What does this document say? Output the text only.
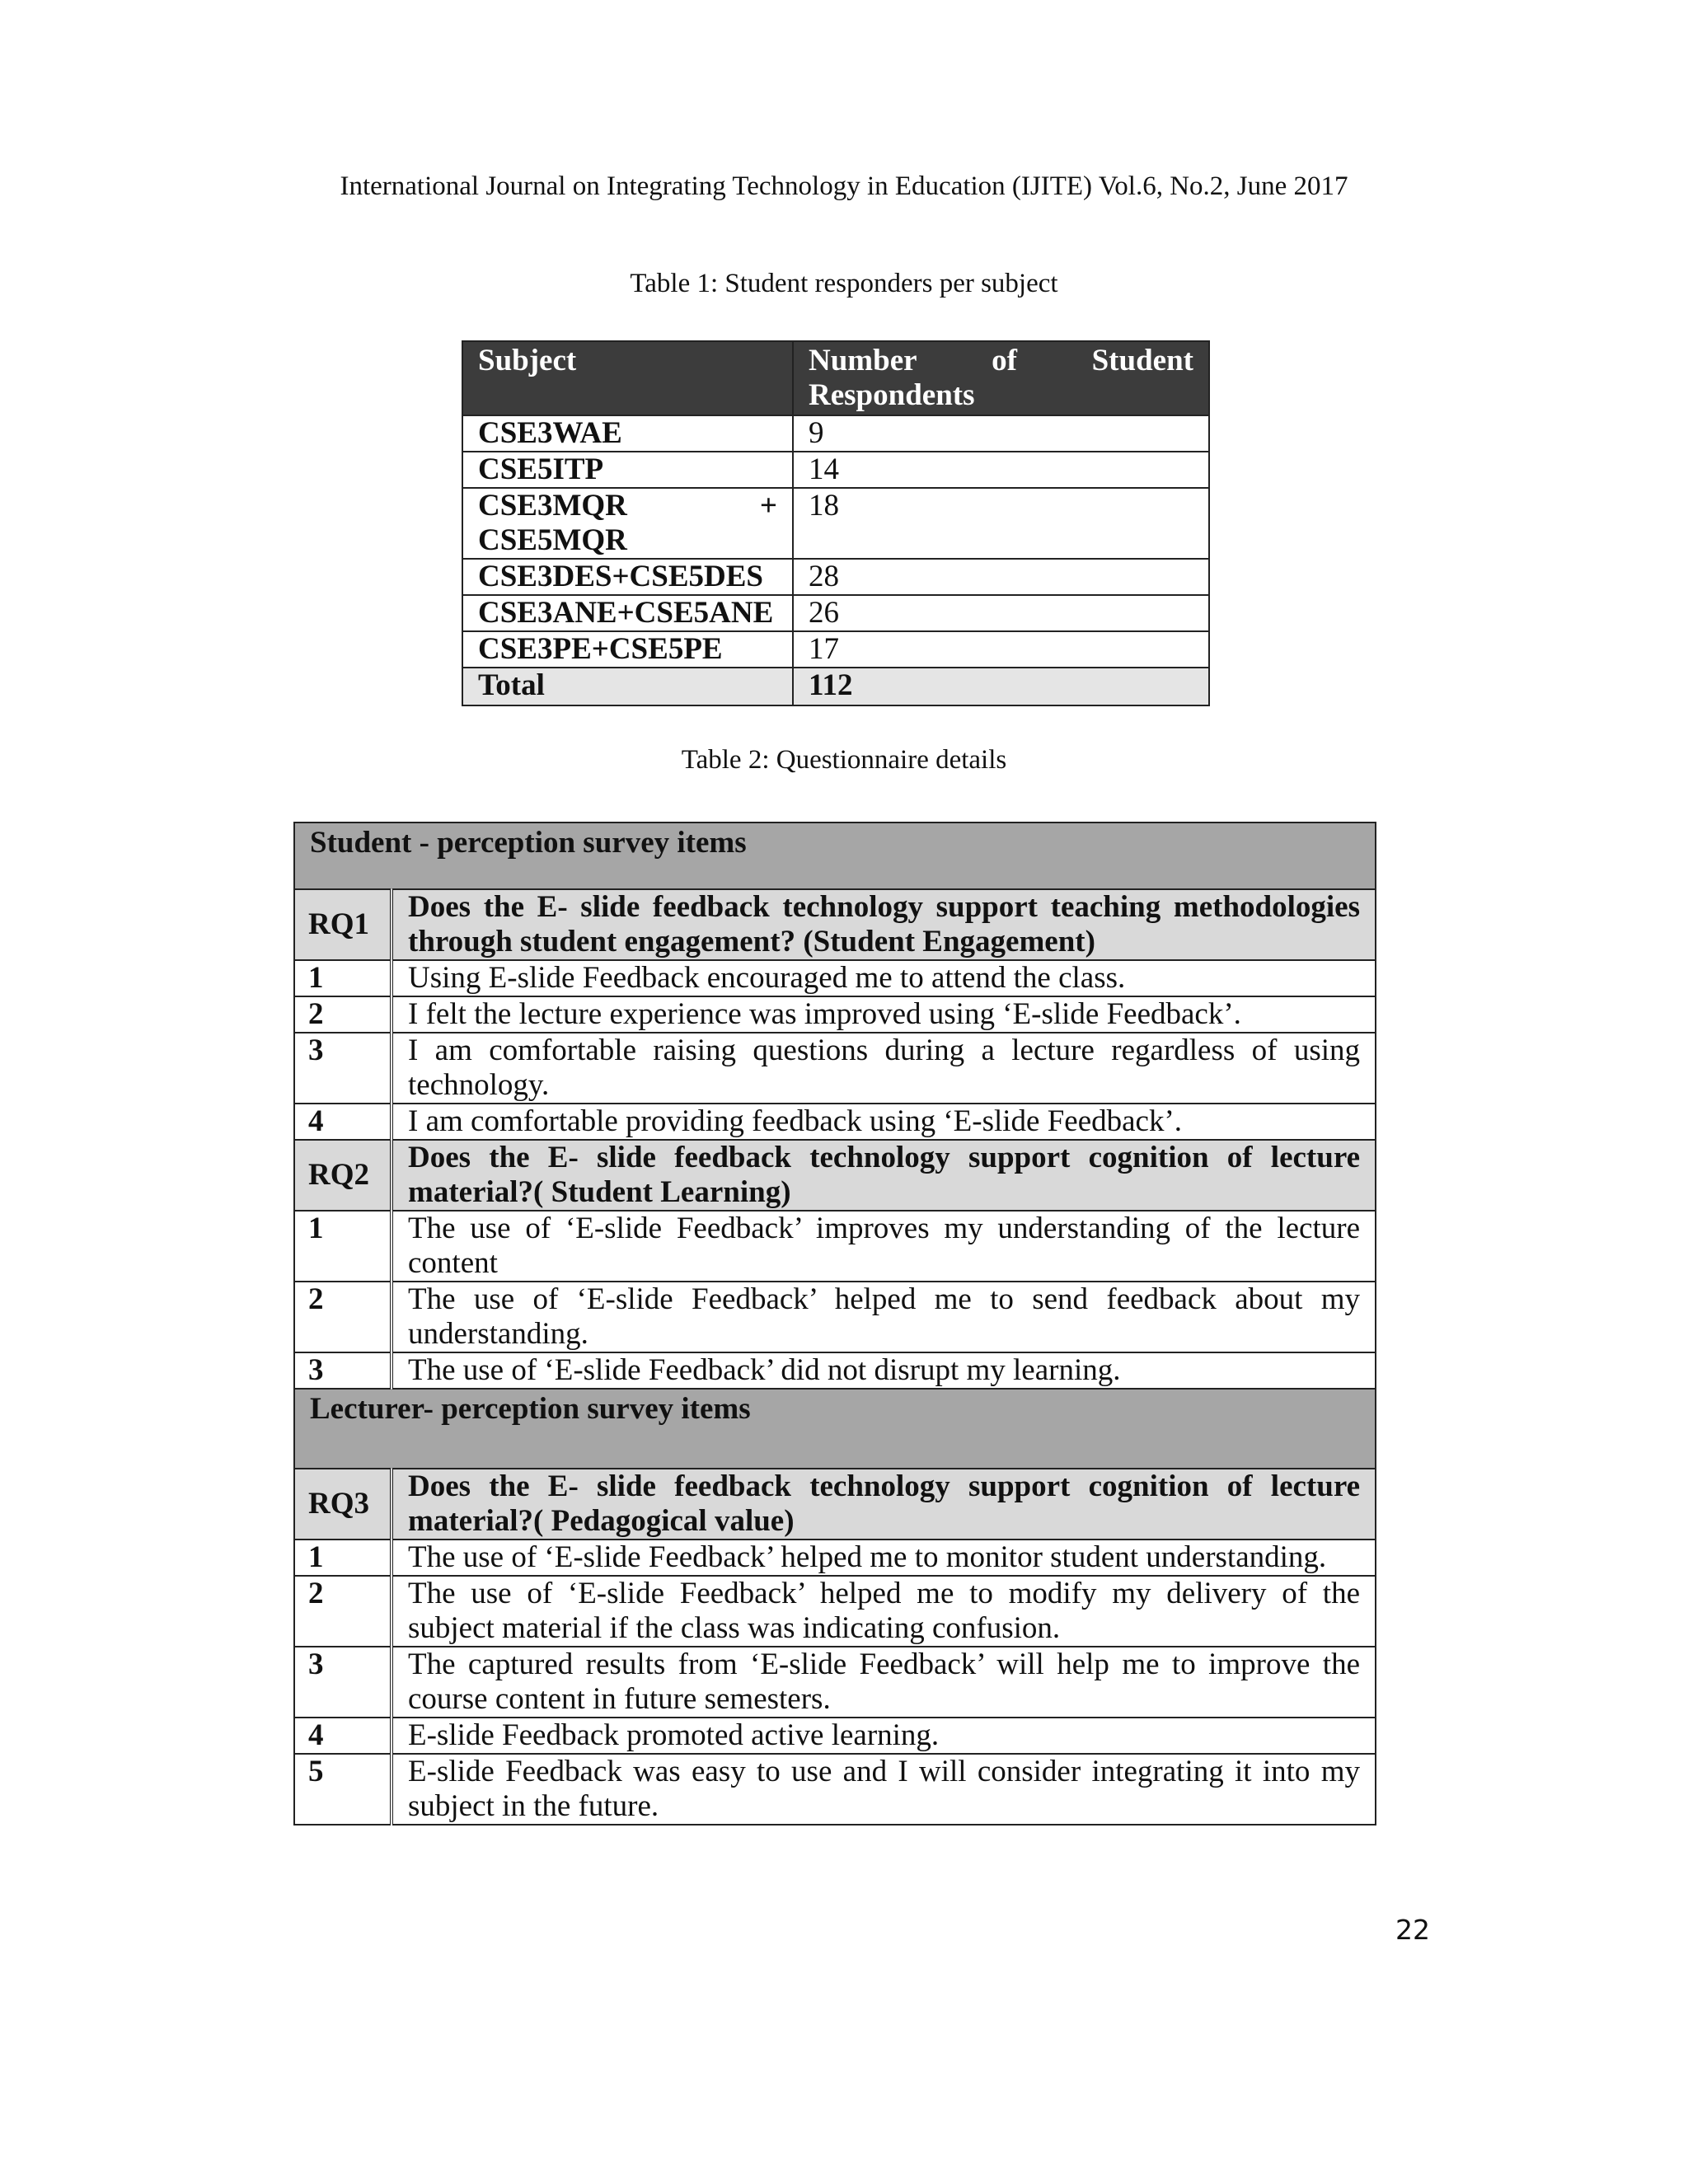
International Journal on Integrating Technology in Education (IJITE) Vol.6, No.2, June 2017
Table 1: Student responders per subject
Subject	Number of Student
Respondents

CSE3WAE	9
CSE5ITP	14

CSE3MQR +
CSE5MQR	18
CSE3DES+CSE5DES	28
CSE3ANE+CSE5ANE	26
CSE3PE+CSE5PE	17
Total	112
Table 2: Questionnaire details
Student - perception survey items	
RQ1	Does the E- slide feedback technology support teaching methodologies through student engagement? (Student Engagement)
1	Using E-slide Feedback encouraged me to attend the class.
2	I felt the lecture experience was improved using ‘E-slide Feedback’.
3	I am comfortable raising questions during a lecture regardless of using technology.
4	I am comfortable providing feedback using ‘E-slide Feedback’.
RQ2	Does the E- slide feedback technology support cognition of lecture material?( Student Learning)
1	The use of ‘E-slide Feedback’ improves my understanding of the lecture content
2	The use of ‘E-slide Feedback’ helped me to send feedback about my understanding.
3	The use of ‘E-slide Feedback’ did not disrupt my learning.
Lecturer- perception survey items	
RQ3	Does the E- slide feedback technology support cognition of lecture material?( Pedagogical value)
1	The use of ‘E-slide Feedback’ helped me to monitor student understanding.
2	The use of ‘E-slide Feedback’ helped me to modify my delivery of the subject material if the class was indicating confusion.
3	The captured results from ‘E-slide Feedback’ will help me to improve the course content in future semesters.
4	E-slide Feedback promoted active learning.
5	E-slide Feedback was easy to use and I will consider integrating it into my subject in the future.
22
